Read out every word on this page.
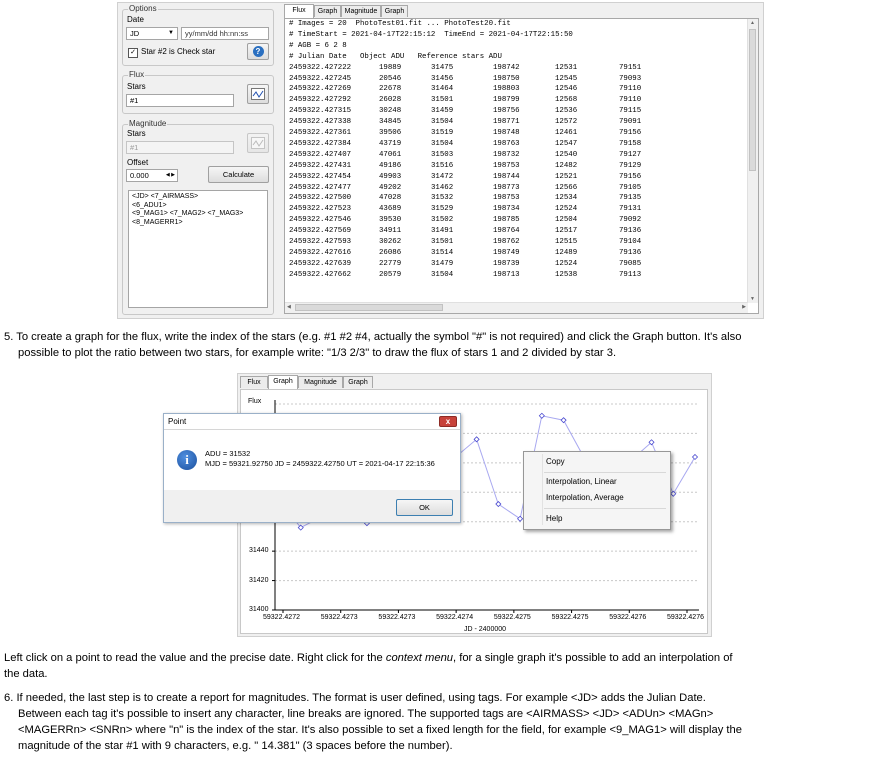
Options
Date
JD	▼	yy/mm/dd hh:nn:ss
✓ Star #2 is Check star	?
Flux
Stars
#1
Magnitude
Stars
#1
Offset
0.000	◀ ▶	Calculate
<JD> <7_AIRMASS>
<6_ADU1>
<9_MAG1> <7_MAG2> <7_MAG3>
<8_MAGERR1>
Flux	Graph	Magnitude	Graph
# Images = 20  PhotoTest01.fit ... PhotoTest20.fit
# TimeStart = 2021-04-17T22:15:12  TimeEnd = 2021-04-17T22:15:50
# AGB = 6 2 8
# Julian Date   Object ADU   Reference stars ADU
2459322.427222	19889	31475	198742	12531	79151
2459322.427245	20546	31456	198750	12545	79093
2459322.427269	22678	31464	198803	12546	79110
2459322.427292	26028	31501	198799	12568	79110
2459322.427315	30248	31459	198756	12536	79115
2459322.427338	34845	31504	198771	12572	79091
2459322.427361	39506	31519	198748	12461	79156
2459322.427384	43719	31504	198763	12547	79158
2459322.427407	47061	31503	198732	12540	79127
2459322.427431	49186	31516	198753	12482	79129
2459322.427454	49903	31472	198744	12521	79156
2459322.427477	49202	31462	198773	12566	79105
2459322.427500	47028	31532	198753	12534	79135
2459322.427523	43689	31529	198734	12524	79131
2459322.427546	39530	31502	198785	12504	79092
2459322.427569	34911	31491	198764	12517	79136
2459322.427593	30262	31501	198762	12515	79104
2459322.427616	26086	31514	198749	12489	79136
2459322.427639	22779	31479	198739	12524	79085
2459322.427662	20579	31504	198713	12538	79113
▲
▼
◀	▶
5. To create a graph for the flux, write the index of the stars (e.g. #1 #2 #4, actually the symbol "#" is not required) and click the Graph button. It's also
possible to plot the ratio between two stars, for example write: "1/3 2/3" to draw the flux of stars 1 and 2 divided by star 3.
Flux	Graph	Magnitude	Graph
Flux
31440
31420
31400
59322.4272	59322.4273	59322.4273	59322.4274	59322.4275	59322.4275	59322.4276	59322.4276
JD - 2400000
Point	x
i	ADU = 31532
MJD = 59321.92750 JD = 2459322.42750 UT = 2021-04-17 22:15:36
OK
Copy
Interpolation, Linear
Interpolation, Average
Help
Left click on a point to read the value and the precise date. Right click for the context menu, for a single graph it's possible to add an interpolation of
the data.
6. If needed, the last step is to create a report for magnitudes. The format is user defined, using tags. For example <JD> adds the Julian Date.
Between each tag it's possible to insert any character, line breaks are ignored. The supported tags are <AIRMASS> <JD> <ADUn> <MAGn>
<MAGERRn> <SNRn> where "n" is the index of the star. It's also possible to set a fixed length for the field, for example <9_MAG1> will display the
magnitude of the star #1 with 9 characters, e.g. " 14.381" (3 spaces before the number).
